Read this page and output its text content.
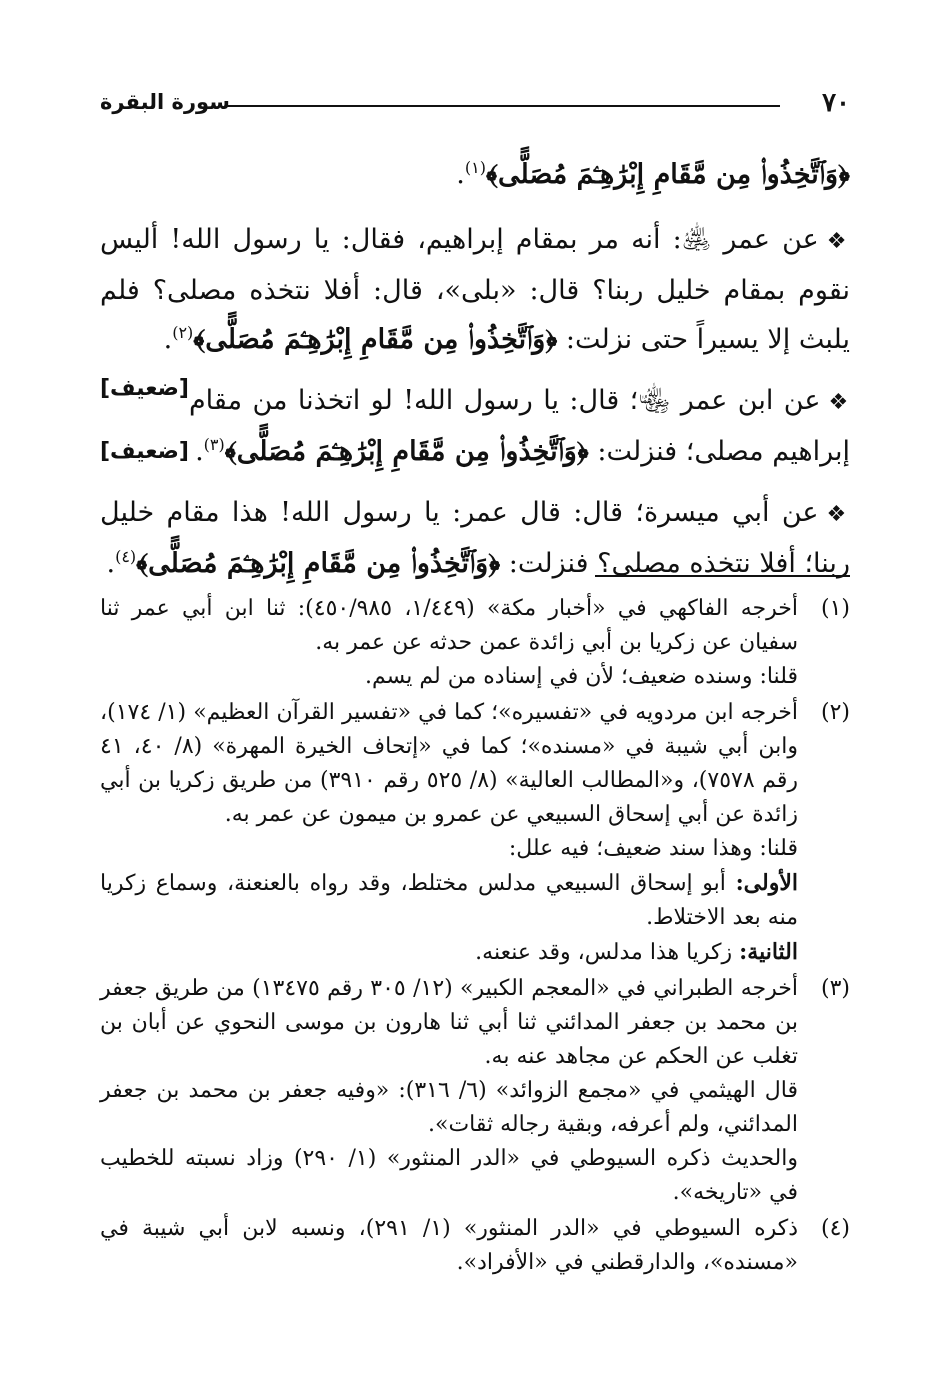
٧٠
سورة البقرة

﴿وَٱتَّخِذُوا۟ مِن مَّقَامِ إِبْرَٰهِـۧمَ مُصَلًّى﴾$^{(١)}$.

❖عن عمر ﵁: أنه مر بمقام إبراهيم، فقال: يا رسول الله! أليس نقوم بمقام خليل ربنا؟ قال: «بلى»، قال: أفلا نتخذه مصلى؟ فلم يلبث إلا يسيراً حتى نزلت: ﴿وَٱتَّخِذُوا۟ مِن مَّقَامِ إِبْرَٰهِـۧمَ مُصَلًّى﴾$^{(٢)}$.
[ضعيف]

❖عن ابن عمر ﵄؛ قال: يا رسول الله! لو اتخذنا من مقام إبراهيم مصلى؛ فنزلت: ﴿وَٱتَّخِذُوا۟ مِن مَّقَامِ إِبْرَٰهِـۧمَ مُصَلًّى﴾$^{(٣)}$.
[ضعيف]

❖عن أبي ميسرة؛ قال: قال عمر: يا رسول الله! هذا مقام خليل ربنا؛ أفلا نتخذه مصلى؟ فنزلت: ﴿وَٱتَّخِذُوا۟ مِن مَّقَامِ إِبْرَٰهِـۧمَ مُصَلًّى﴾$^{(٤)}$.

(١)

أخرجه الفاكهي في «أخبار مكة» (١/٤٤٩، ٤٥٠/٩٨٥): ثنا ابن أبي عمر ثنا سفيان عن زكريا بن أبي زائدة عمن حدثه عن عمر به.

قلنا: وسنده ضعيف؛ لأن في إسناده من لم يسم.

(٢)

أخرجه ابن مردويه في «تفسيره»؛ كما في «تفسير القرآن العظيم» (١/ ١٧٤)، وابن أبي شيبة في «مسنده»؛ كما في «إتحاف الخيرة المهرة» (٨/ ٤٠، ٤١ رقم ٧٥٧٨)، و«المطالب العالية» (٨/ ٥٢٥ رقم ٣٩١٠) من طريق زكريا بن أبي زائدة عن أبي إسحاق السبيعي عن عمرو بن ميمون عن عمر به.

قلنا: وهذا سند ضعيف؛ فيه علل:

الأولى: أبو إسحاق السبيعي مدلس مختلط، وقد رواه بالعنعنة، وسماع زكريا منه بعد الاختلاط.

الثانية: زكريا هذا مدلس، وقد عنعنه.

(٣)

أخرجه الطبراني في «المعجم الكبير» (١٢/ ٣٠٥ رقم ١٣٤٧٥) من طريق جعفر بن محمد بن جعفر المدائني ثنا أبي ثنا هارون بن موسى النحوي عن أبان بن تغلب عن الحكم عن مجاهد عنه به.

قال الهيثمي في «مجمع الزوائد» (٦/ ٣١٦): «وفيه جعفر بن محمد بن جعفر المدائني، ولم أعرفه، وبقية رجاله ثقات».

والحديث ذكره السيوطي في «الدر المنثور» (١/ ٢٩٠) وزاد نسبته للخطيب في «تاريخه».

(٤)

ذكره السيوطي في «الدر المنثور» (١/ ٢٩١)، ونسبه لابن أبي شيبة في «مسنده»، والدارقطني في «الأفراد».
